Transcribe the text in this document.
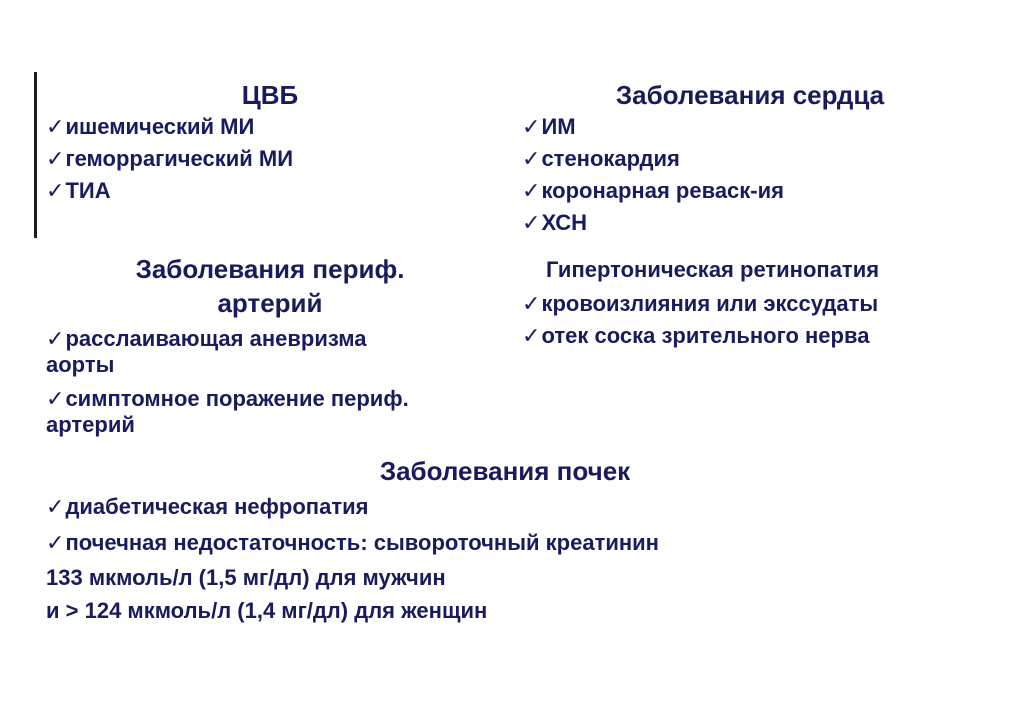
ЦВБ
✓ишемический МИ
✓геморрагический МИ
✓ТИА
Заболевания сердца
✓ИМ
✓стенокардия
✓коронарная реваск-ия
✓ХСН
Заболевания периф.
артерий
✓расслаивающая аневризма
аорты
✓симптомное поражение периф.
артерий
Гипертоническая ретинопатия
✓кровоизлияния или экссудаты
✓отек соска зрительного нерва
Заболевания почек
✓диабетическая нефропатия
✓почечная недостаточность: сывороточный креатинин
133 мкмоль/л (1,5 мг/дл) для мужчин
и > 124 мкмоль/л (1,4 мг/дл) для женщин
